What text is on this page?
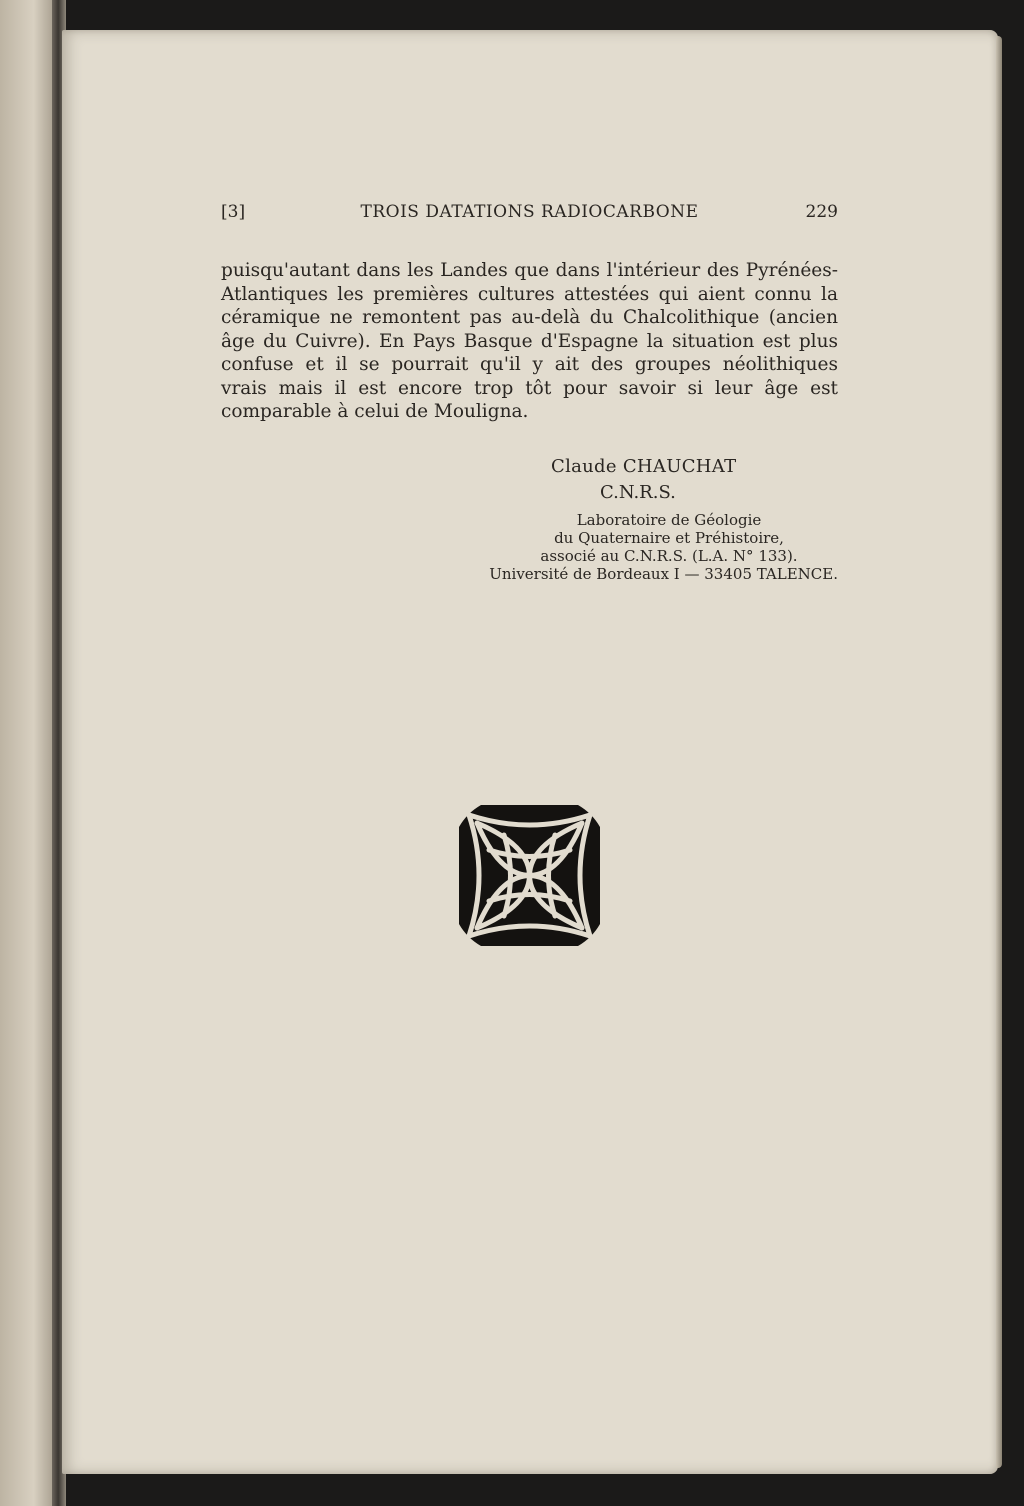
[3]	TROIS DATATIONS RADIOCARBONE	229
puisqu'autant dans les Landes que dans l'intérieur des Pyrénées-
Atlantiques les premières cultures attestées qui aient connu la
céramique ne remontent pas au-delà du Chalcolithique (ancien
âge du Cuivre). En Pays Basque d'Espagne la situation est plus
confuse et il se pourrait qu'il y ait des groupes néolithiques
vrais mais il est encore trop tôt pour savoir si leur âge est
comparable à celui de Mouligna.
Claude CHAUCHAT
C.N.R.S.
Laboratoire de Géologie
du Quaternaire et Préhistoire,
associé au C.N.R.S. (L.A. N° 133).
Université de Bordeaux I — 33405 TALENCE.
